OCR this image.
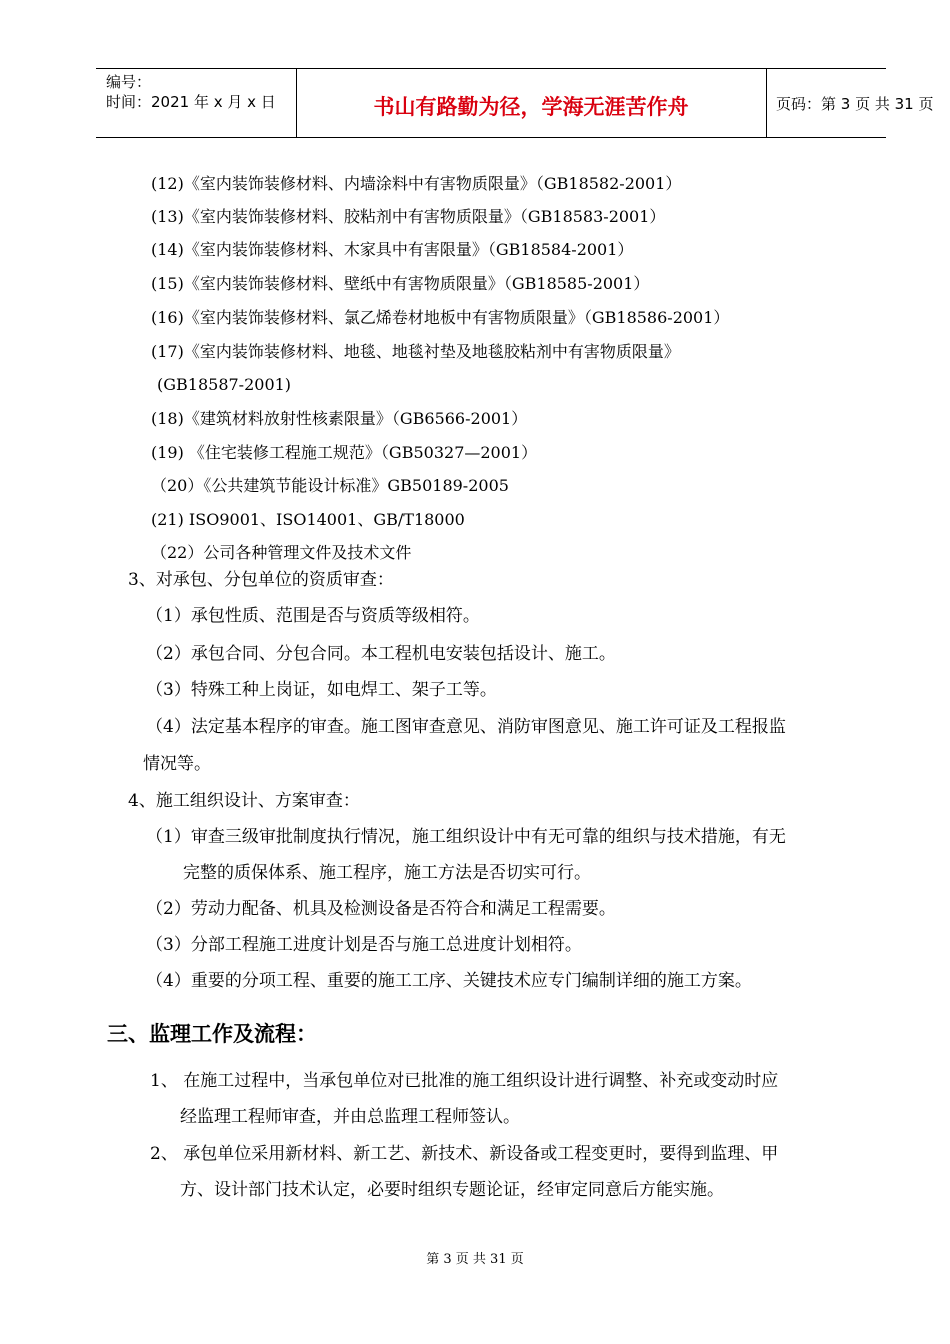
编号：
时间：2021 年 x 月 x 日	书山有路勤为径，学海无涯苦作舟	页码：第 3 页 共 31 页
(12)《室内装饰装修材料、内墙涂料中有害物质限量》（GB18582-2001）
(13)《室内装饰装修材料、胶粘剂中有害物质限量》（GB18583-2001）
(14)《室内装饰装修材料、木家具中有害限量》（GB18584-2001）
(15)《室内装饰装修材料、壁纸中有害物质限量》（GB18585-2001）
(16)《室内装饰装修材料、氯乙烯卷材地板中有害物质限量》（GB18586-2001）
(17)《室内装饰装修材料、地毯、地毯衬垫及地毯胶粘剂中有害物质限量》
(GB18587-2001)
(18)《建筑材料放射性核素限量》（GB6566-2001）
(19) 《住宅装修工程施工规范》（GB50327—2001）
（20）《公共建筑节能设计标准》GB50189-2005
(21) ISO9001、ISO14001、GB/T18000
（22）公司各种管理文件及技术文件
3、对承包、分包单位的资质审查：
（1）承包性质、范围是否与资质等级相符。
（2）承包合同、分包合同。本工程机电安装包括设计、施工。
（3）特殊工种上岗证，如电焊工、架子工等。
（4）法定基本程序的审查。施工图审查意见、消防审图意见、施工许可证及工程报监
情况等。
4、施工组织设计、方案审查：
（1）审查三级审批制度执行情况，施工组织设计中有无可靠的组织与技术措施，有无
完整的质保体系、施工程序，施工方法是否切实可行。
（2）劳动力配备、机具及检测设备是否符合和满足工程需要。
（3）分部工程施工进度计划是否与施工总进度计划相符。
（4）重要的分项工程、重要的施工工序、关键技术应专门编制详细的施工方案。
三、监理工作及流程：
1、 在施工过程中，当承包单位对已批准的施工组织设计进行调整、补充或变动时应
经监理工程师审查，并由总监理工程师签认。
2、 承包单位采用新材料、新工艺、新技术、新设备或工程变更时，要得到监理、甲
方、设计部门技术认定，必要时组织专题论证，经审定同意后方能实施。
第 3 页 共 31 页
